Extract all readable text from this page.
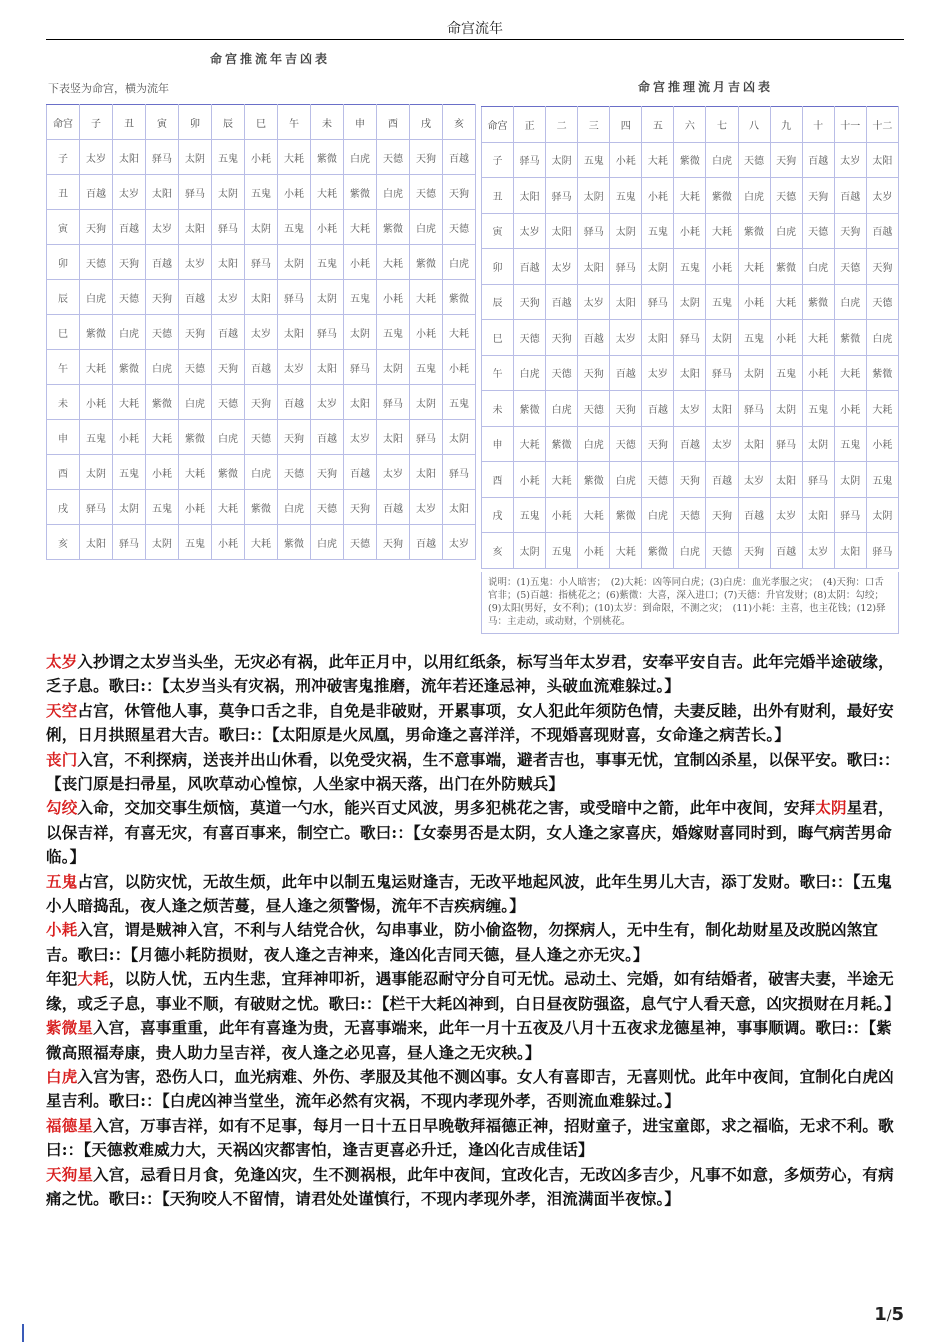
命宫流年
命宫推流年吉凶表
下表竖为命宫，横为流年
命宫	子	丑	寅	卯	辰	巳	午	未	申	酉	戌	亥
子	太岁	太阳	驿马	太阴	五鬼	小耗	大耗	紫微	白虎	天德	天狗	百越
丑	百越	太岁	太阳	驿马	太阴	五鬼	小耗	大耗	紫微	白虎	天德	天狗
寅	天狗	百越	太岁	太阳	驿马	太阴	五鬼	小耗	大耗	紫微	白虎	天德
卯	天德	天狗	百越	太岁	太阳	驿马	太阴	五鬼	小耗	大耗	紫微	白虎
辰	白虎	天德	天狗	百越	太岁	太阳	驿马	太阴	五鬼	小耗	大耗	紫微
巳	紫微	白虎	天德	天狗	百越	太岁	太阳	驿马	太阴	五鬼	小耗	大耗
午	大耗	紫微	白虎	天德	天狗	百越	太岁	太阳	驿马	太阴	五鬼	小耗
未	小耗	大耗	紫微	白虎	天德	天狗	百越	太岁	太阳	驿马	太阴	五鬼
申	五鬼	小耗	大耗	紫微	白虎	天德	天狗	百越	太岁	太阳	驿马	太阴
酉	太阴	五鬼	小耗	大耗	紫微	白虎	天德	天狗	百越	太岁	太阳	驿马
戌	驿马	太阴	五鬼	小耗	大耗	紫微	白虎	天德	天狗	百越	太岁	太阳
亥	太阳	驿马	太阴	五鬼	小耗	大耗	紫微	白虎	天德	天狗	百越	太岁
命宫推理流月吉凶表
命宫	正	二	三	四	五	六	七	八	九	十	十一	十二
子	驿马	太阴	五鬼	小耗	大耗	紫微	白虎	天德	天狗	百越	太岁	太阳
丑	太阳	驿马	太阴	五鬼	小耗	大耗	紫微	白虎	天德	天狗	百越	太岁
寅	太岁	太阳	驿马	太阴	五鬼	小耗	大耗	紫微	白虎	天德	天狗	百越
卯	百越	太岁	太阳	驿马	太阴	五鬼	小耗	大耗	紫微	白虎	天德	天狗
辰	天狗	百越	太岁	太阳	驿马	太阴	五鬼	小耗	大耗	紫微	白虎	天德
巳	天德	天狗	百越	太岁	太阳	驿马	太阴	五鬼	小耗	大耗	紫微	白虎
午	白虎	天德	天狗	百越	太岁	太阳	驿马	太阴	五鬼	小耗	大耗	紫微
未	紫微	白虎	天德	天狗	百越	太岁	太阳	驿马	太阴	五鬼	小耗	大耗
申	大耗	紫微	白虎	天德	天狗	百越	太岁	太阳	驿马	太阴	五鬼	小耗
酉	小耗	大耗	紫微	白虎	天德	天狗	百越	太岁	太阳	驿马	太阴	五鬼
戌	五鬼	小耗	大耗	紫微	白虎	天德	天狗	百越	太岁	太阳	驿马	太阴
亥	太阴	五鬼	小耗	大耗	紫微	白虎	天德	天狗	百越	太岁	太阳	驿马
说明：(1)五鬼：小人暗害；　(2)大耗：凶等同白虎；(3)白虎：血光孝服之灾；　(4)天狗：口舌官非；(5)百越：指桃花之；(6)紫微：大喜，深入进口；(7)天德：升官发财；(8)太阴：勾绞；　(9)太阳(男好，女不利)；(10)太岁：到命限，不测之灾；　(11)小耗：主喜，也主花钱；(12)驿马：主走动，或动财，个别桃花。

太岁入抄谓之太岁当头坐，无灾必有祸，此年正月中，以用红纸条，标写当年太岁君，安奉平安自吉。此年完婚半途破缘，乏子息。歌曰:：【太岁当头有灾祸，刑冲破害鬼推磨，流年若还逢忌神，头破血流难躲过。】

天空占宫，休管他人事，莫争口舌之非，自免是非破财，开累事项，女人犯此年须防色情，夫妻反睦，出外有财利，最好安俐，日月拱照星君大吉。歌曰:：【太阳原是火凤凰，男命逢之喜洋洋，不现婚喜现财喜，女命逢之病苦长。】

丧门入宫，不利探病，送丧并出山休看，以免受灾祸，生不意事端，避者吉也，事事无忧，宜制凶杀星，以保平安。歌曰:：【丧门原是扫帚星，风吹草动心惶惊，人坐家中祸天落，出门在外防贼兵】

勾绞入命，交加交事生烦恼，莫道一勺水，能兴百丈风波，男多犯桃花之害，或受暗中之箭，此年中夜间，安拜太阴星君，以保吉祥，有喜无灾，有喜百事来，制空亡。歌曰:：【女泰男否是太阴，女人逢之家喜庆，婚嫁财喜同时到，晦气病苦男命临。】

五鬼占宫，以防灾忧，无故生烦，此年中以制五鬼运财逢吉，无改平地起风波，此年生男儿大吉，添丁发财。歌曰:：【五鬼小人暗捣乱，夜人逢之烦苦蔓，昼人逢之须警惕，流年不吉疾病缠。】

小耗入宫，谓是贼神入宫，不利与人结党合伙，勾串事业，防小偷盗物，勿探病人，无中生有，制化劫财星及改脱凶煞宜吉。歌曰:：【月德小耗防损财，夜人逢之吉神来，逢凶化吉同天德，昼人逢之亦无灾。】

年犯大耗，以防人忧，五内生悲，宜拜神叩祈，遇事能忍耐守分自可无忧。忌动土、完婚，如有结婚者，破害夫妻，半途无缘，或乏子息，事业不顺，有破财之忧。歌曰:：【栏干大耗凶神到，白日昼夜防强盗，息气宁人看天意，凶灾损财在月耗。】

紫微星入宫，喜事重重，此年有喜逢为贵，无喜事端来，此年一月十五夜及八月十五夜求龙德星神，事事顺调。歌曰:：【紫微高照福寿康，贵人助力呈吉祥，夜人逢之必见喜，昼人逢之无灾秧。】

白虎入宫为害，恐伤人口，血光病难、外伤、孝服及其他不测凶事。女人有喜即吉，无喜则忧。此年中夜间，宜制化白虎凶星吉利。歌曰:：【白虎凶神当堂坐，流年必然有灾祸，不现内孝现外孝，否则流血难躲过。】

福德星入宫，万事吉祥，如有不足事，每月一日十五日早晚敬拜福德正神，招财童子，进宝童郎，求之福临，无求不利。歌曰:：【天德救难威力大，天祸凶灾都害怕，逢吉更喜必升迁，逢凶化吉成佳话】

天狗星入宫，忌看日月食，免逢凶灾，生不测祸根，此年中夜间，宜改化吉，无改凶多吉少，凡事不如意，多烦劳心，有病痛之忧。歌曰:：【天狗咬人不留情，请君处处谨慎行，不现内孝现外孝，泪流满面半夜惊。】

1/5
